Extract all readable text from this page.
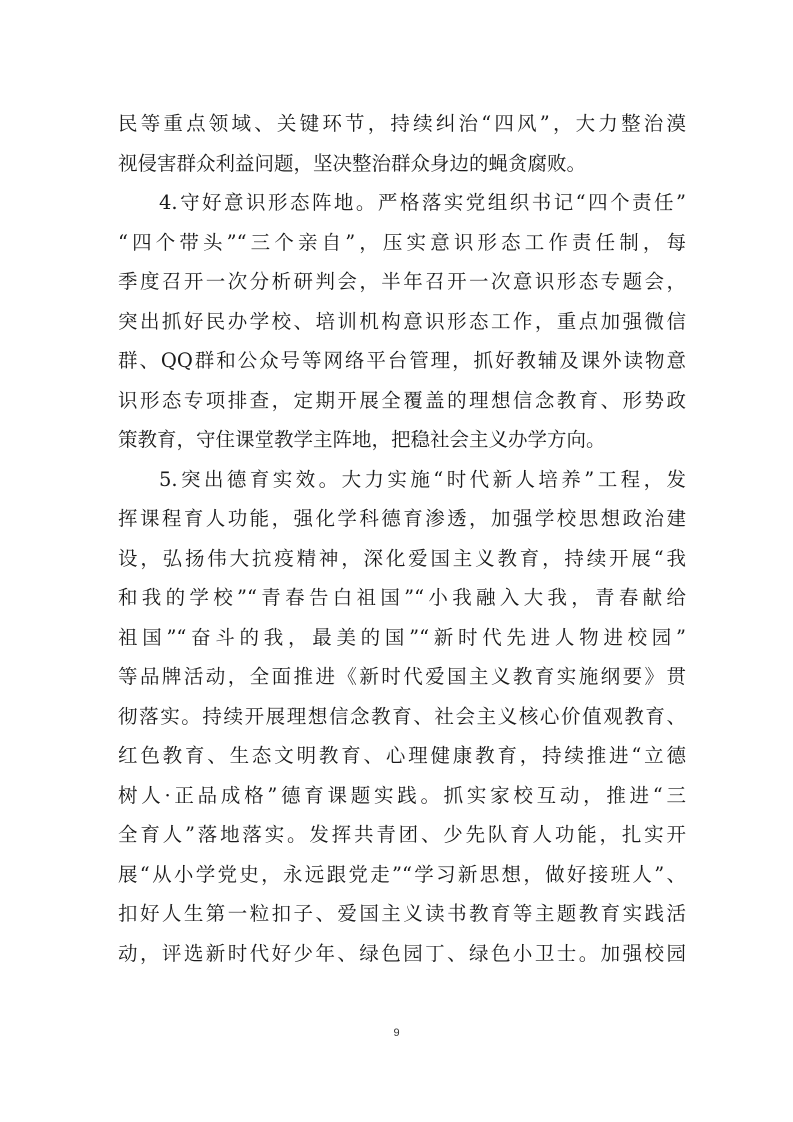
民等重点领域、关键环节，持续纠治“四风”，大力整治漠
视侵害群众利益问题，坚决整治群众身边的蝇贪腐败。
4.守好意识形态阵地。严格落实党组织书记“四个责任”
“四个带头”“三个亲自”，压实意识形态工作责任制，每
季度召开一次分析研判会，半年召开一次意识形态专题会，
突出抓好民办学校、培训机构意识形态工作，重点加强微信
群、QQ群和公众号等网络平台管理，抓好教辅及课外读物意
识形态专项排查，定期开展全覆盖的理想信念教育、形势政
策教育，守住课堂教学主阵地，把稳社会主义办学方向。
5.突出德育实效。大力实施“时代新人培养”工程，发
挥课程育人功能，强化学科德育渗透，加强学校思想政治建
设，弘扬伟大抗疫精神，深化爱国主义教育，持续开展“我
和我的学校”“青春告白祖国”“小我融入大我，青春献给
祖国”“奋斗的我，最美的国”“新时代先进人物进校园”
等品牌活动，全面推进《新时代爱国主义教育实施纲要》贯
彻落实。持续开展理想信念教育、社会主义核心价值观教育、
红色教育、生态文明教育、心理健康教育，持续推进“立德
树人·正品成格”德育课题实践。抓实家校互动，推进“三
全育人”落地落实。发挥共青团、少先队育人功能，扎实开
展“从小学党史，永远跟党走”“学习新思想，做好接班人”、
扣好人生第一粒扣子、爱国主义读书教育等主题教育实践活
动，评选新时代好少年、绿色园丁、绿色小卫士。加强校园
9
